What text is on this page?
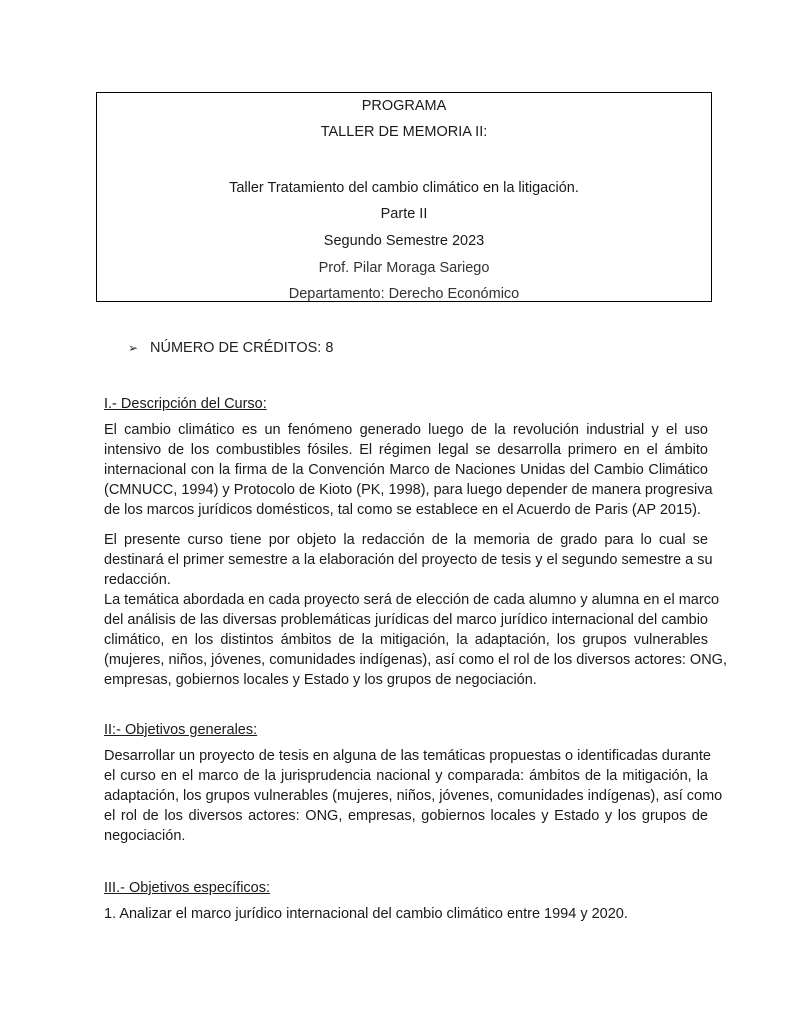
PROGRAMA
TALLER DE MEMORIA II:
Taller Tratamiento del cambio climático en la litigación.
Parte II
Segundo Semestre 2023
Prof. Pilar Moraga Sariego
Departamento: Derecho Económico
➢ NÚMERO DE CRÉDITOS: 8
I.- Descripción del Curso:

El cambio climático es un fenómeno generado luego de la revolución industrial y el uso
intensivo de los combustibles fósiles. El régimen legal se desarrolla primero en el ámbito
internacional con la firma de la Convención Marco de Naciones Unidas del Cambio Climático
(CMNUCC, 1994) y Protocolo de Kioto (PK, 1998), para luego depender de manera progresiva
de los marcos jurídicos domésticos, tal como se establece en el Acuerdo de Paris (AP 2015).

El presente curso tiene por objeto la redacción de la memoria de grado para lo cual se
destinará el primer semestre a la elaboración del proyecto de tesis y el segundo semestre a su
redacción.

La temática abordada en cada proyecto será de elección de cada alumno y alumna en el marco
del análisis de las diversas problemáticas jurídicas del marco jurídico internacional del cambio
climático, en los distintos ámbitos de la mitigación, la adaptación, los grupos vulnerables
(mujeres, niños, jóvenes, comunidades indígenas), así como el rol de los diversos actores: ONG,
empresas, gobiernos locales y Estado y los grupos de negociación.

II:- Objetivos generales:

Desarrollar un proyecto de tesis en alguna de las temáticas propuestas o identificadas durante
el curso en el marco de la jurisprudencia nacional y comparada: ámbitos de la mitigación, la
adaptación, los grupos vulnerables (mujeres, niños, jóvenes, comunidades indígenas), así como
el rol de los diversos actores: ONG, empresas, gobiernos locales y Estado y los grupos de
negociación.

III.- Objetivos específicos:

1. Analizar el marco jurídico internacional del cambio climático entre 1994 y 2020.
